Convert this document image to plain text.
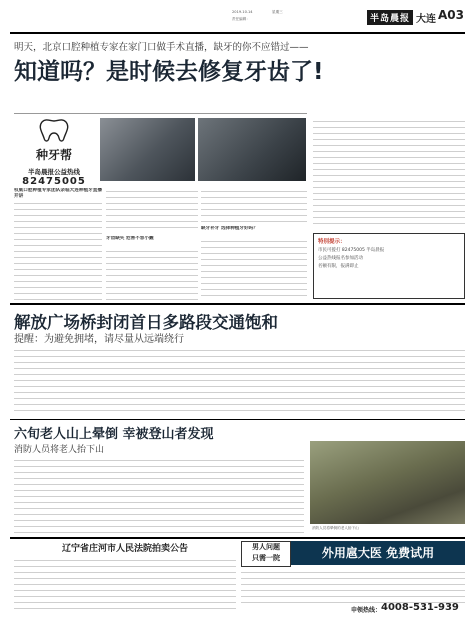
2019.10.14	星期三
责任编辑：	半岛晨报 大连 A03
明天，北京口腔种植专家在家门口做手术直播，缺牙的你不应错过——
知道吗？是时候去修复牙齿了!

种牙帮
半岛晨报公益热线
82475005
权威口腔种植专家团队亲临大连种植牙直播开讲
牙齿缺失 危害不容小觑
缺牙补牙 选择种植牙好吗？
特别提示：
市民可拨打 82475005 半岛晨报
公益热线报名参加活动
名额有限，报满即止
解放广场桥封闭首日多路段交通饱和
提醒：为避免拥堵，请尽量从远端绕行
六旬老人山上晕倒 幸被登山者发现
消防人员将老人抬下山
消防人员将晕倒的老人抬下山
辽宁省庄河市人民法院拍卖公告	男人问题
只需一院	外用扈大医 免费试用
申领热线： 4008-531-939
